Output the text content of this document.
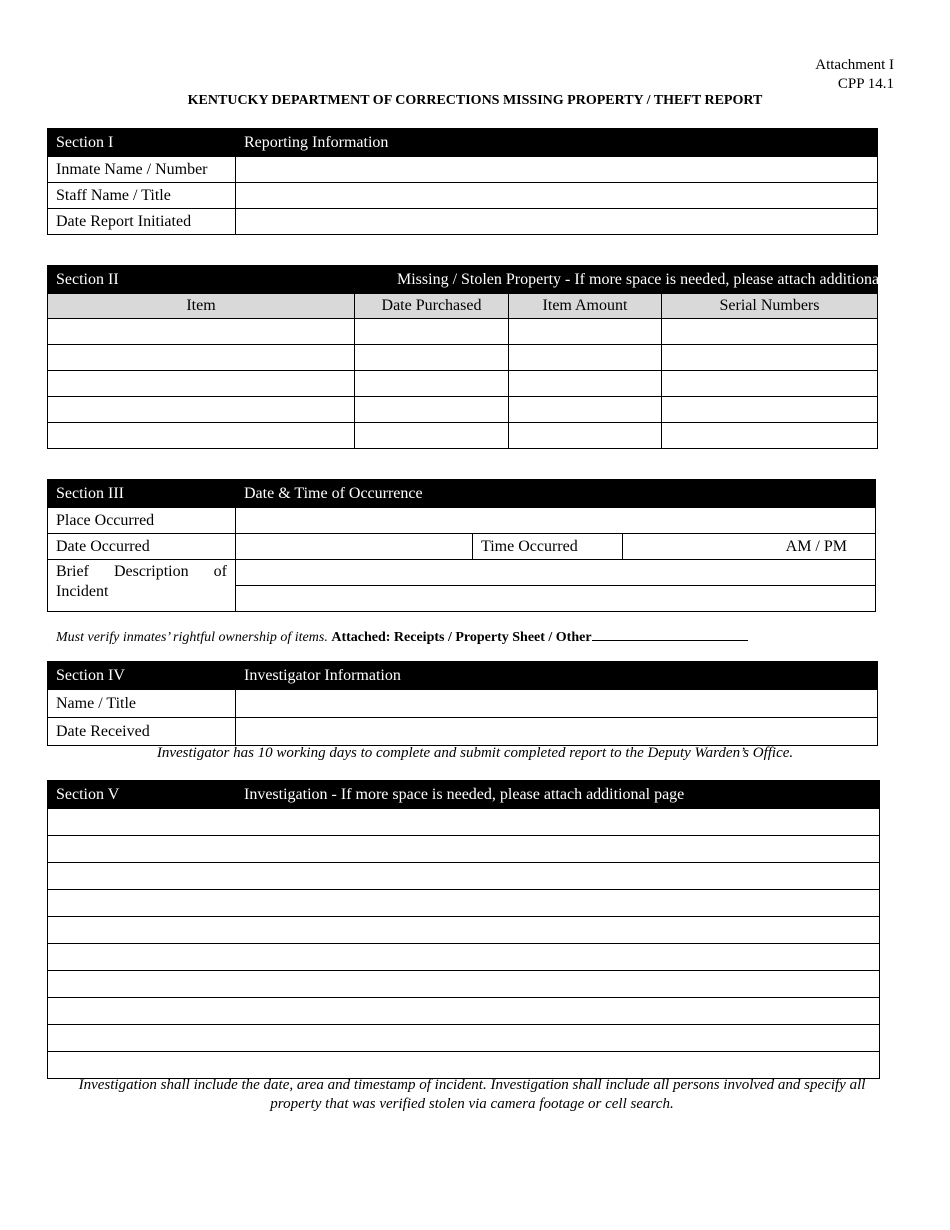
Attachment I
CPP 14.1
KENTUCKY DEPARTMENT OF CORRECTIONS MISSING PROPERTY / THEFT REPORT
Section I	Reporting Information
Inmate Name / Number	
Staff Name / Title	
Date Report Initiated	
Section II	Missing / Stolen Property - If more space is needed, please attach additional page		
Item	Date Purchased	Item Amount	Serial Numbers

Section III	Date & Time of Occurrence		
Place Occurred			
Date Occurred		Time Occurred	AM / PM

Brief Description of
Incident			

Must verify inmates’ rightful ownership of items. Attached: Receipts / Property Sheet / Other
Section IV	Investigator Information
Name / Title	
Date Received	
Investigator has 10 working days to complete and submit completed report to the Deputy Warden’s Office.
Section V	Investigation - If more space is needed, please attach additional page

Investigation shall include the date, area and timestamp of incident. Investigation shall include all persons involved and specify all
property that was verified stolen via camera footage or cell search.
